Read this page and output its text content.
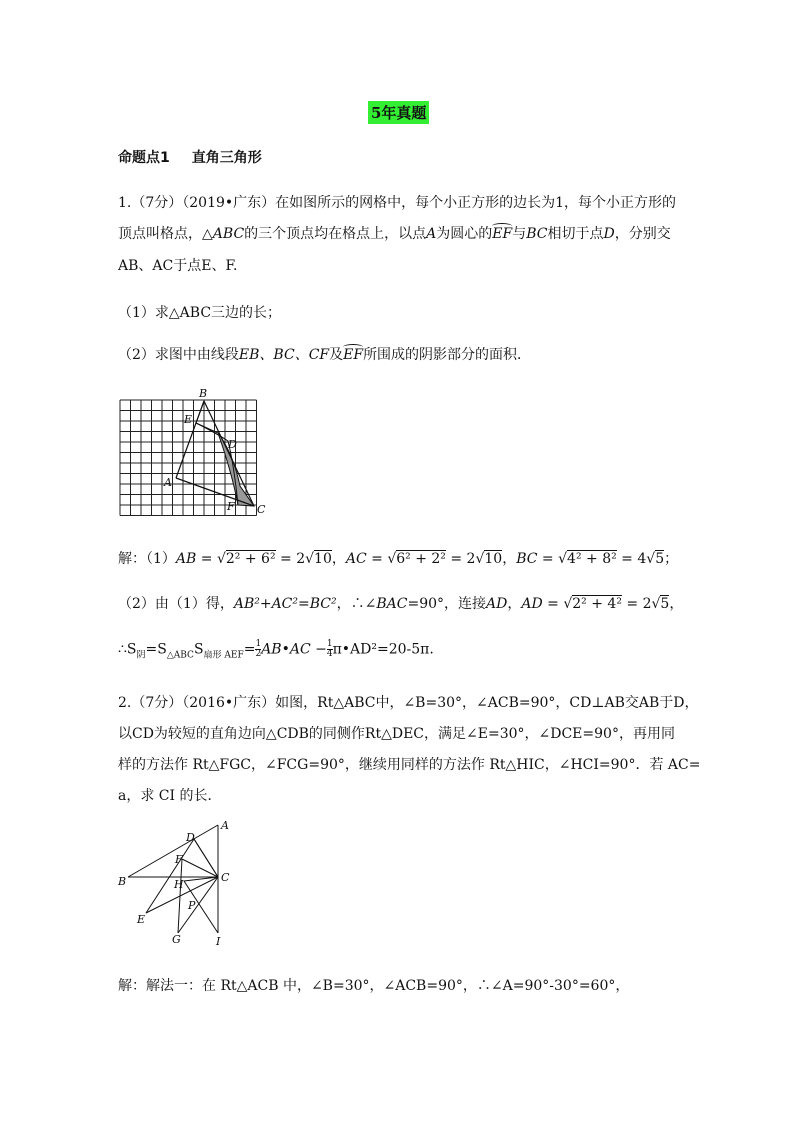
5年真题
命题点1 直角三角形
1.（7分）（2019•广东）在如图所示的网格中，每个小正方形的边长为1，每个小正方形的
顶点叫格点，△ABC的三个顶点均在格点上，以点A为圆心的EF与BC相切于点D，分别交
AB、AC于点E、F.
（1）求△ABC三边的长；
（2）求图中由线段EB、BC、CF及EF所围成的阴影部分的面积．
B
E
D
A
F C
解：（1）AB = √2² + 6² = 2√10，AC = √6² + 2² = 2√10，BC = √4² + 8² = 4√5；
（2）由（1）得，AB²+AC²=BC²，∴∠BAC=90°，连接AD，AD = √2² + 4² = 2√5，
$\therefore S_阴=S_{\triangle ABC}S_{扇形 AEF}= \frac{1}{2}$ AB•AC − $\frac{1}{4}$ π•AD²=20-5π.
2.（7分）（2016•广东）如图，Rt△ABC中，∠B=30°，∠ACB=90°，CD⊥AB交AB于D，
以CD为较短的直角边向△CDB的同侧作Rt△DEC，满足∠E=30°，∠DCE=90°，再用同
样的方法作 Rt△FGC，∠FCG=90°，继续用同样的方法作 Rt△HIC，∠HCI=90°．若 AC=
a，求 CI 的长．
A
D
F
B	H
C
P
E
G	I
解：解法一：在 Rt△ACB 中，∠B=30°，∠ACB=90°，∴∠A=90°-30°=60°，
